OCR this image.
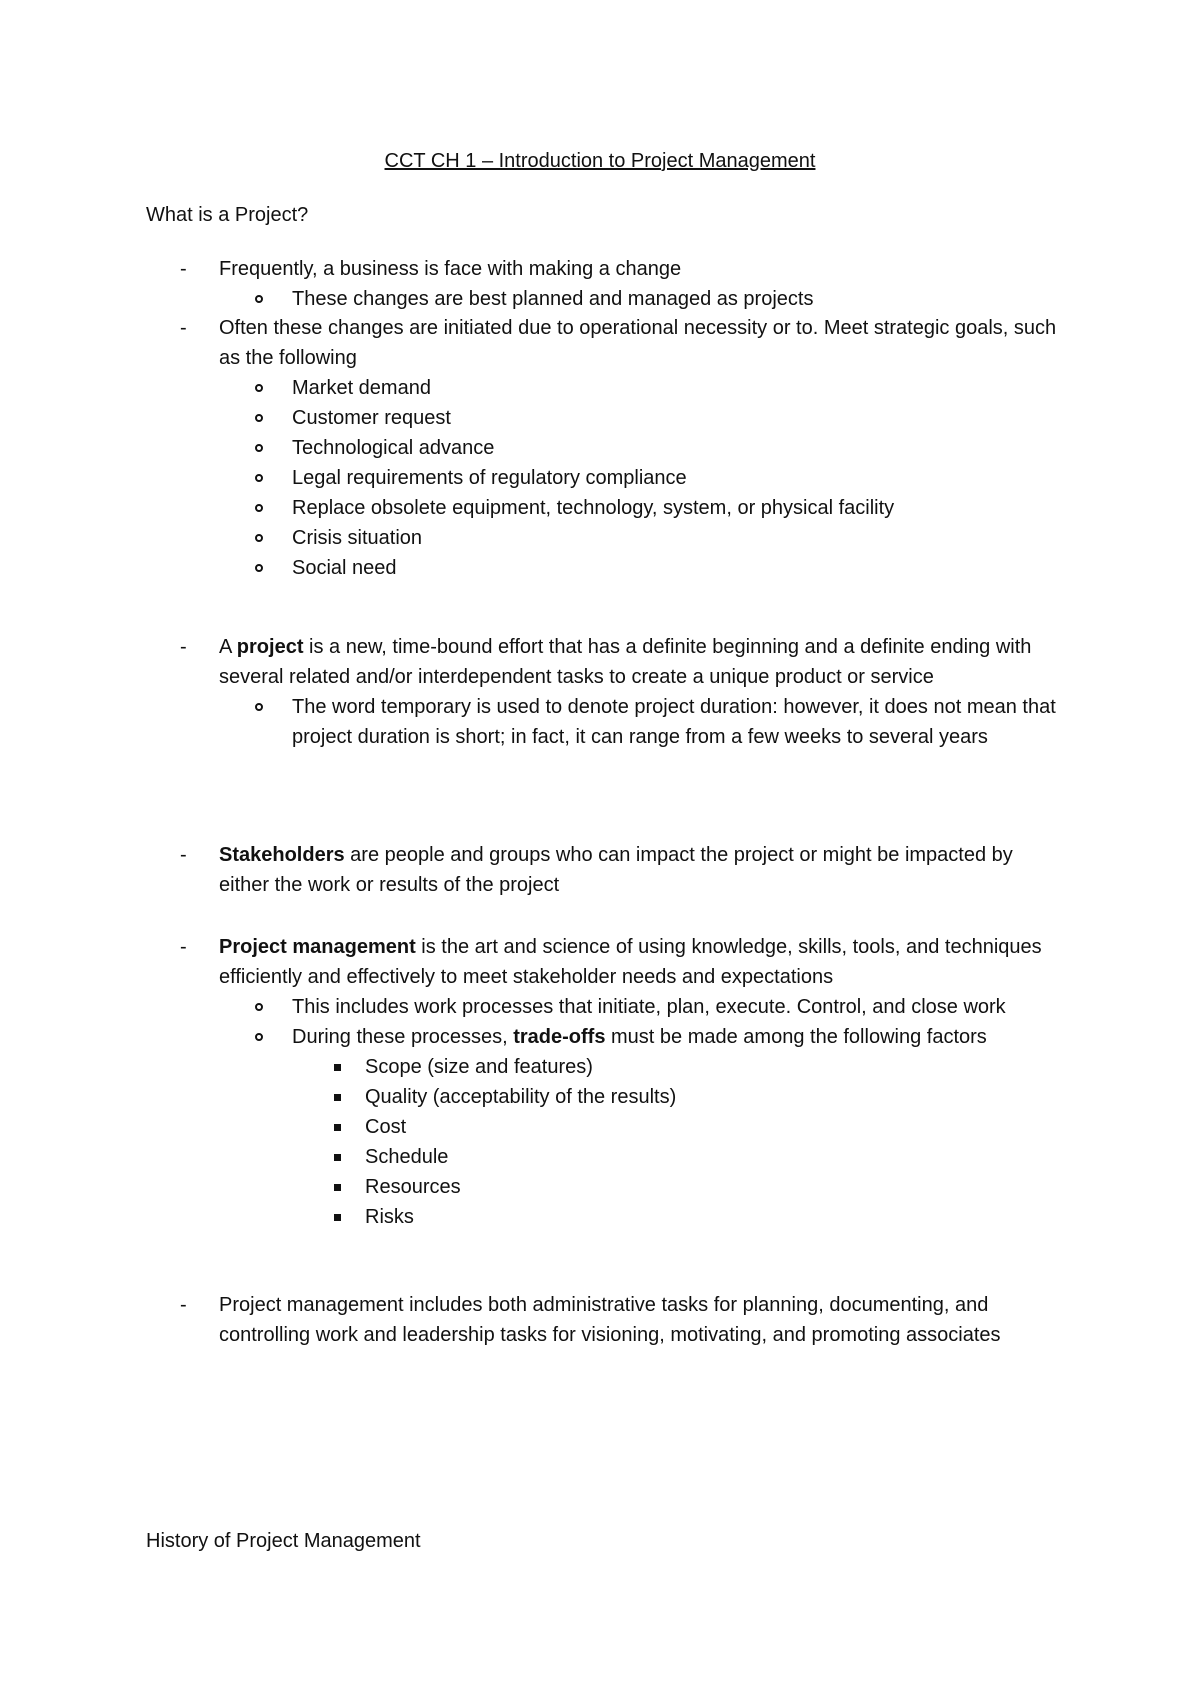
CCT CH 1 – Introduction to Project Management
What is a Project?
- Frequently, a business is face with making a change
These changes are best planned and managed as projects
- Often these changes are initiated due to operational necessity or to. Meet strategic goals, such as the following
Market demand
Customer request
Technological advance
Legal requirements of regulatory compliance
Replace obsolete equipment, technology, system, or physical facility
Crisis situation
Social need
- A project is a new, time-bound effort that has a definite beginning and a definite ending with several related and/or interdependent tasks to create a unique product or service
The word temporary is used to denote project duration: however, it does not mean that project duration is short; in fact, it can range from a few weeks to several years
- Stakeholders are people and groups who can impact the project or might be impacted by either the work or results of the project
- Project management is the art and science of using knowledge, skills, tools, and techniques efficiently and effectively to meet stakeholder needs and expectations
This includes work processes that initiate, plan, execute. Control, and close work
During these processes, trade-offs must be made among the following factors
Scope (size and features)
Quality (acceptability of the results)
Cost
Schedule
Resources
Risks
- Project management includes both administrative tasks for planning, documenting, and controlling work and leadership tasks for visioning, motivating, and promoting associates
History of Project Management
